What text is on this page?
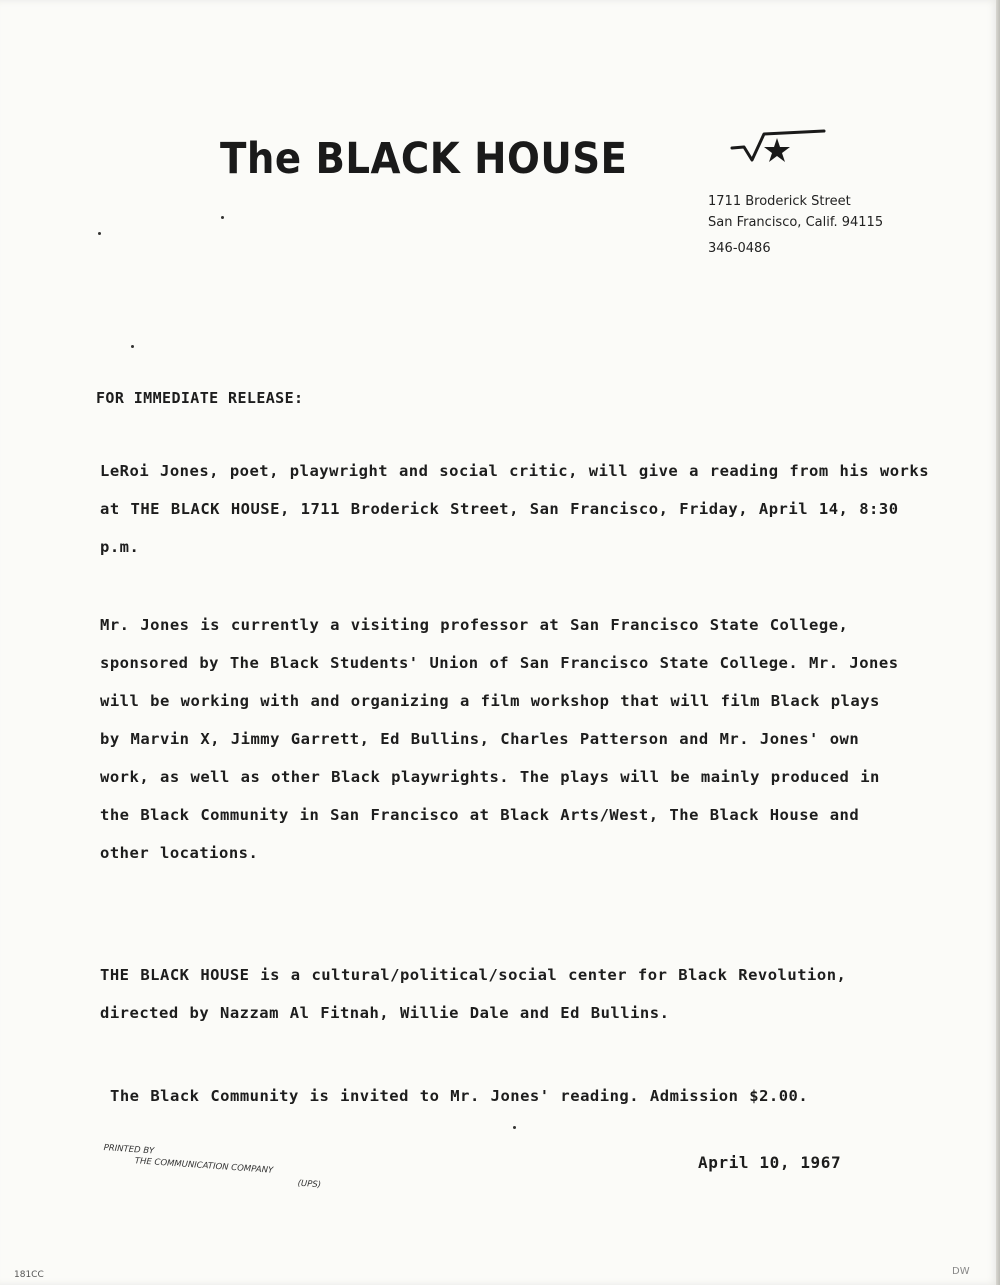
The BLACK HOUSE
1711 Broderick Street
San Francisco, Calif. 94115
346-0486
FOR IMMEDIATE RELEASE:
LeRoi Jones, poet, playwright and social critic, will give a reading from his works at THE BLACK HOUSE, 1711 Broderick Street, San Francisco, Friday, April 14, 8:30 p.m.
Mr. Jones is currently a visiting professor at San Francisco State College, sponsored by The Black Students' Union of San Francisco State College. Mr. Jones will be working with and organizing a film workshop that will film Black plays by Marvin X, Jimmy Garrett, Ed Bullins, Charles Patterson and Mr. Jones' own work, as well as other Black playwrights. The plays will be mainly produced in the Black Community in San Francisco at Black Arts/West, The Black House and other locations.
THE BLACK HOUSE is a cultural/political/social center for Black Revolution, directed by Nazzam Al Fitnah, Willie Dale and Ed Bullins.
The Black Community is invited to Mr. Jones' reading. Admission $2.00.
PRINTED BY
THE COMMUNICATION COMPANY
(UPS)
April 10, 1967
181CC	DW
